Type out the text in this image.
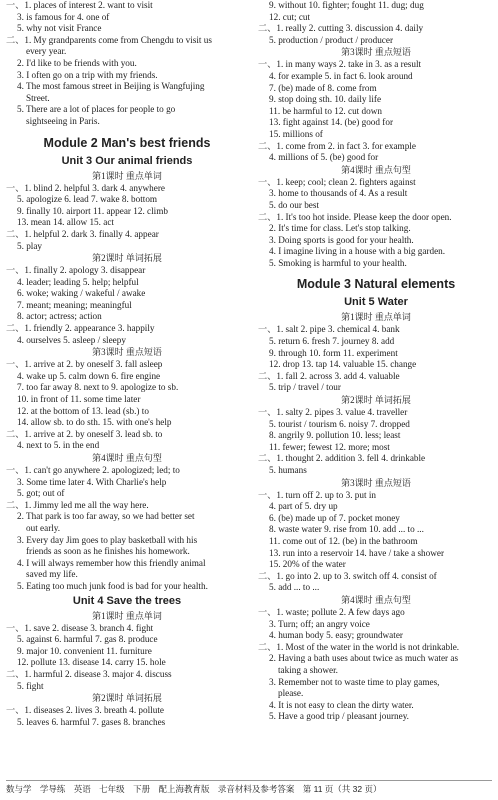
一、1. places of interest 2. want to visit
3. is famous for 4. one of
5. why not visit France
二、1. My grandparents come from Chengdu to visit us
every year.
2. I'd like to be friends with you.
3. I often go on a trip with my friends.
4. The most famous street in Beijing is Wangfujing
Street.
5. There are a lot of places for people to go
sightseeing in Paris.
Module 2 Man's best friends
Unit 3 Our animal friends
第1课时 重点单词
一、1. blind 2. helpful 3. dark 4. anywhere
5. apologize 6. lead 7. wake 8. bottom
9. finally 10. airport 11. appear 12. climb
13. mean 14. allow 15. act
二、1. helpful 2. dark 3. finally 4. appear
5. play
第2课时 单词拓展
一、1. finally 2. apology 3. disappear
4. leader; leading 5. help; helpful
6. woke; waking / wakeful / awake
7. meant; meaning; meaningful
8. actor; actress; action
二、1. friendly 2. appearance 3. happily
4. ourselves 5. asleep / sleepy
第3课时 重点短语
一、1. arrive at 2. by oneself 3. fall asleep
4. wake up 5. calm down 6. fire engine
7. too far away 8. next to 9. apologize to sb.
10. in front of 11. some time later
12. at the bottom of 13. lead (sb.) to
14. allow sb. to do sth. 15. with one's help
二、1. arrive at 2. by oneself 3. lead sb. to
4. next to 5. in the end
第4课时 重点句型
一、1. can't go anywhere 2. apologized; led; to
3. Some time later 4. With Charlie's help
5. got; out of
二、1. Jimmy led me all the way here.
2. That park is too far away, so we had better set
out early.
3. Every day Jim goes to play basketball with his
friends as soon as he finishes his homework.
4. I will always remember how this friendly animal
saved my life.
5. Eating too much junk food is bad for your health.
Unit 4 Save the trees
第1课时 重点单词
一、1. save 2. disease 3. branch 4. fight
5. against 6. harmful 7. gas 8. produce
9. major 10. convenient 11. furniture
12. pollute 13. disease 14. carry 15. hole
二、1. harmful 2. disease 3. major 4. discuss
5. fight
第2课时 单词拓展
一、1. diseases 2. lives 3. breath 4. pollute
5. leaves 6. harmful 7. gases 8. branches
9. without 10. fighter; fought 11. dug; dug
12. cut; cut
二、1. really 2. cutting 3. discussion 4. daily
5. production / product / producer
第3课时 重点短语
一、1. in many ways 2. take in 3. as a result
4. for example 5. in fact 6. look around
7. (be) made of 8. come from
9. stop doing sth. 10. daily life
11. be harmful to 12. cut down
13. fight against 14. (be) good for
15. millions of
二、1. come from 2. in fact 3. for example
4. millions of 5. (be) good for
第4课时 重点句型
一、1. keep; cool; clean 2. fighters against
3. home to thousands of 4. As a result
5. do our best
二、1. It's too hot inside. Please keep the door open.
2. It's time for class. Let's stop talking.
3. Doing sports is good for your health.
4. I imagine living in a house with a big garden.
5. Smoking is harmful to your health.
Module 3 Natural elements
Unit 5 Water
第1课时 重点单词
一、1. salt 2. pipe 3. chemical 4. bank
5. return 6. fresh 7. journey 8. add
9. through 10. form 11. experiment
12. drop 13. tap 14. valuable 15. change
二、1. fall 2. across 3. add 4. valuable
5. trip / travel / tour
第2课时 单词拓展
一、1. salty 2. pipes 3. value 4. traveller
5. tourist / tourism 6. noisy 7. dropped
8. angrily 9. pollution 10. less; least
11. fewer; fewest 12. more; most
二、1. thought 2. addition 3. fell 4. drinkable
5. humans
第3课时 重点短语
一、1. turn off 2. up to 3. put in
4. part of 5. dry up
6. (be) made up of 7. pocket money
8. waste water 9. rise from 10. add ... to ...
11. come out of 12. (be) in the bathroom
13. run into a reservoir 14. have / take a shower
15. 20% of the water
二、1. go into 2. up to 3. switch off 4. consist of
5. add ... to ...
第4课时 重点句型
一、1. waste; pollute 2. A few days ago
3. Turn; off; an angry voice
4. human body 5. easy; groundwater
二、1. Most of the water in the world is not drinkable.
2. Having a bath uses about twice as much water as
taking a shower.
3. Remember not to waste time to play games,
please.
4. It is not easy to clean the dirty water.
5. Have a good trip / pleasant journey.
数与学 学导练 英语 七年级 下册 配上海教育版 录音材料及参考答案 第 11 页（共 32 页）
